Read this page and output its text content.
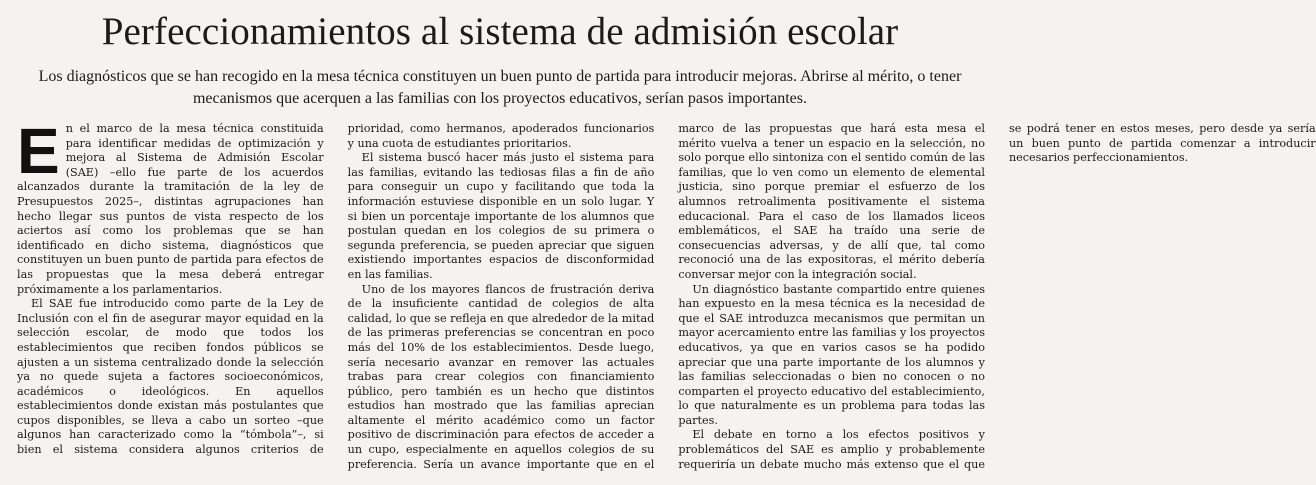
Perfeccionamientos al sistema de admisión escolar

Los diagnósticos que se han recogido en la mesa técnica constituyen un buen punto de partida para introducir mejoras. Abrirse al mérito, o tener mecanismos que acerquen a las familias con los proyectos educativos, serían pasos importantes.

En el marco de la mesa técnica constituida para identificar medidas de optimización y mejora al Sistema de Admisión Escolar (SAE) –ello fue parte de los acuerdos alcanzados durante la tramitación de la ley de Presupuestos 2025–, distintas agrupaciones han hecho llegar sus puntos de vista respecto de los aciertos así como los problemas que se han identificado en dicho sistema, diagnósticos que constituyen un buen punto de partida para efectos de las propuestas que la mesa deberá entregar próximamente a los parlamentarios.

El SAE fue introducido como parte de la Ley de Inclusión con el fin de asegurar mayor equidad en la selección escolar, de modo que todos los establecimientos que reciben fondos públicos se ajusten a un sistema centralizado donde la selección ya no quede sujeta a factores socioeconómicos, académicos o ideológicos. En aquellos establecimientos donde existan más postulantes que cupos disponibles, se lleva a cabo un sorteo –que algunos han caracterizado como la “tómbola”–, si bien el sistema considera algunos criterios de prioridad, como hermanos, apoderados funcionarios y una cuota de estudiantes prioritarios.

El sistema buscó hacer más justo el sistema para las familias, evitando las tediosas filas a fin de año para conseguir un cupo y facilitando que toda la información estuviese disponible en un solo lugar. Y si bien un porcentaje importante de los alumnos que postulan quedan en los colegios de su primera o segunda preferencia, se pueden apreciar que siguen existiendo importantes espacios de disconformidad en las familias.

Uno de los mayores flancos de frustración deriva de la insuficiente cantidad de colegios de alta calidad, lo que se refleja en que alrededor de la mitad de las primeras preferencias se concentran en poco más del 10% de los establecimientos. Desde luego, sería necesario avanzar en remover las actuales trabas para crear colegios con financiamiento público, pero también es un hecho que distintos estudios han mostrado que las familias aprecian altamente el mérito académico como un factor positivo de discriminación para efectos de acceder a un cupo, especialmente en aquellos colegios de su preferencia. Sería un avance importante que en el marco de las propuestas que hará esta mesa el mérito vuelva a tener un espacio en la selección, no solo porque ello sintoniza con el sentido común de las familias, que lo ven como un elemento de elemental justicia, sino porque premiar el esfuerzo de los alumnos retroalimenta positivamente el sistema educacional. Para el caso de los llamados liceos emblemáticos, el SAE ha traído una serie de consecuencias adversas, y de allí que, tal como reconoció una de las expositoras, el mérito debería conversar mejor con la integración social.

Un diagnóstico bastante compartido entre quienes han expuesto en la mesa técnica es la necesidad de que el SAE introduzca mecanismos que permitan un mayor acercamiento entre las familias y los proyectos educativos, ya que en varios casos se ha podido apreciar que una parte importante de los alumnos y las familias seleccionadas o bien no conocen o no comparten el proyecto educativo del establecimiento, lo que naturalmente es un problema para todas las partes.

El debate en torno a los efectos positivos y problemáticos del SAE es amplio y probablemente requeriría un debate mucho más extenso que el que se podrá tener en estos meses, pero desde ya sería un buen punto de partida comenzar a introducir necesarios perfeccionamientos.
